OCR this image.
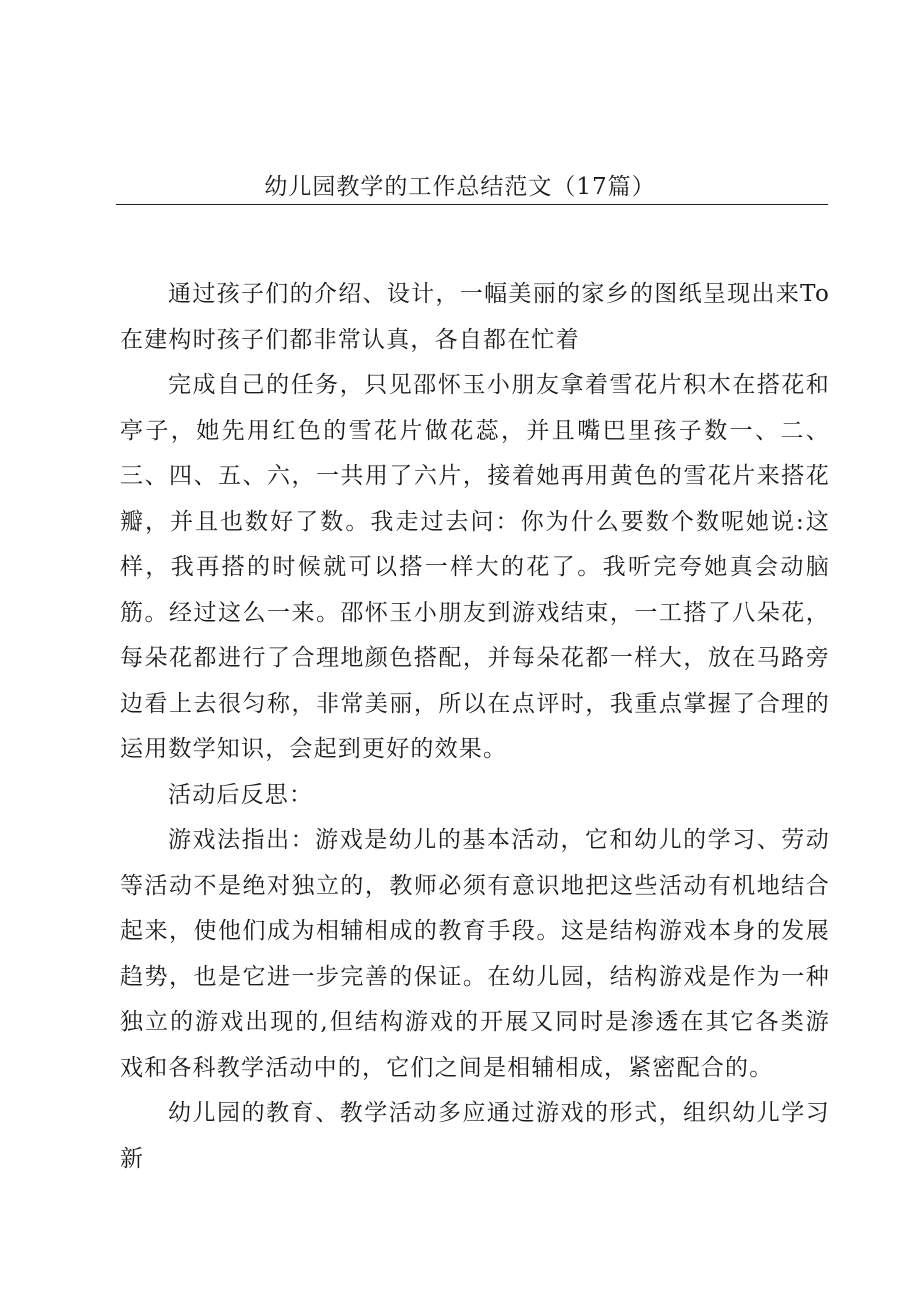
幼儿园教学的工作总结范文（17篇）

通过孩子们的介绍、设计，一幅美丽的家乡的图纸呈现出来To在建构时孩子们都非常认真，各自都在忙着

完成自己的任务，只见邵怀玉小朋友拿着雪花片积木在搭花和亭子，她先用红色的雪花片做花蕊，并且嘴巴里孩子数一、二、三、四、五、六，一共用了六片，接着她再用黄色的雪花片来搭花瓣，并且也数好了数。我走过去问：你为什么要数个数呢她说:这样，我再搭的时候就可以搭一样大的花了。我听完夸她真会动脑筋。经过这么一来。邵怀玉小朋友到游戏结束，一工搭了八朵花，每朵花都进行了合理地颜色搭配，并每朵花都一样大，放在马路旁边看上去很匀称，非常美丽，所以在点评时，我重点掌握了合理的运用数学知识，会起到更好的效果。

活动后反思：

游戏法指出：游戏是幼儿的基本活动，它和幼儿的学习、劳动等活动不是绝对独立的，教师必须有意识地把这些活动有机地结合起来，使他们成为相辅相成的教育手段。这是结构游戏本身的发展趋势，也是它进一步完善的保证。在幼儿园，结构游戏是作为一种独立的游戏出现的,但结构游戏的开展又同时是渗透在其它各类游戏和各科教学活动中的，它们之间是相辅相成，紧密配合的。

幼儿园的教育、教学活动多应通过游戏的形式，组织幼儿学习新
